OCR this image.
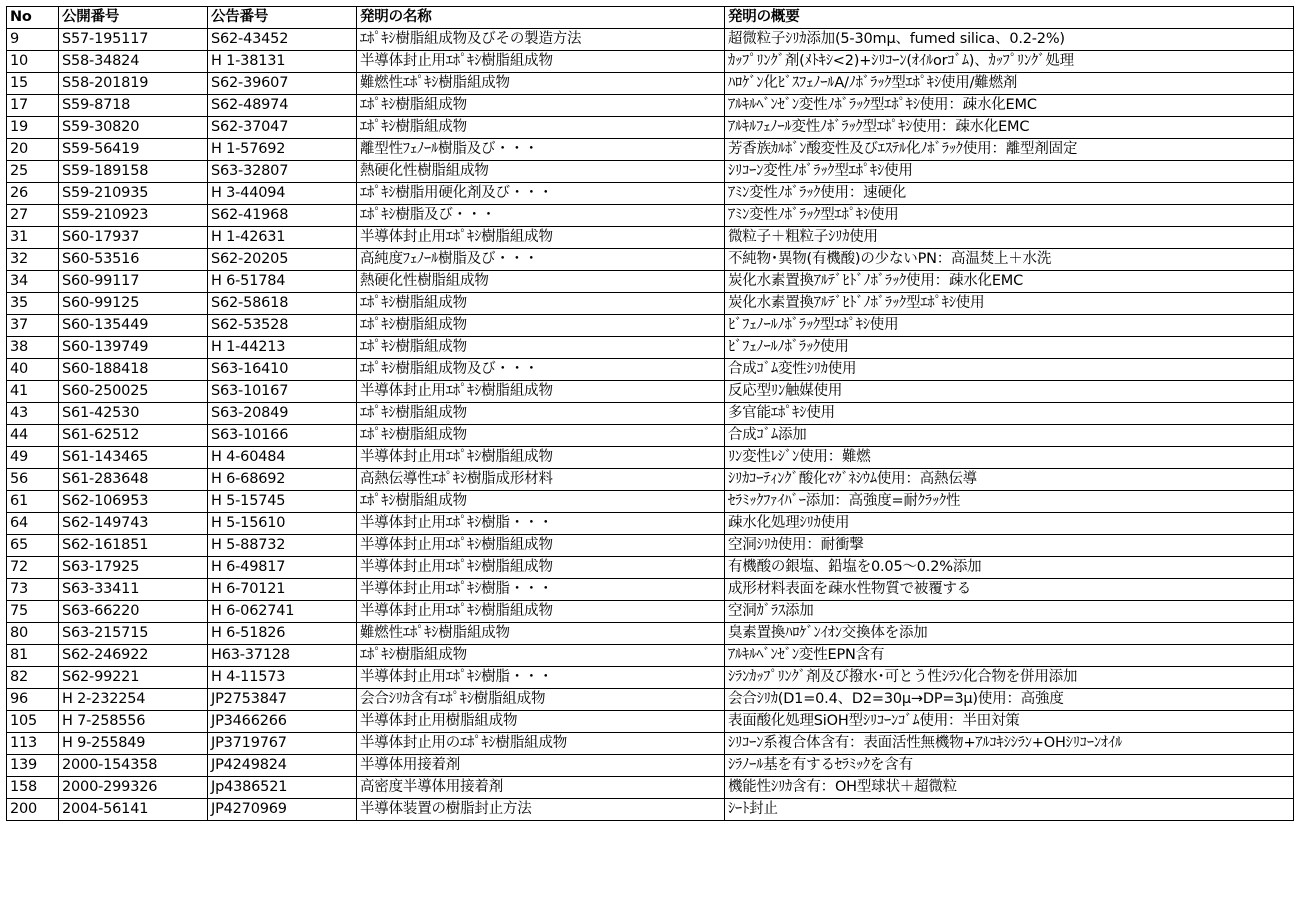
No	公開番号	公告番号	発明の名称	発明の概要
9	S57-195117	S62-43452	ｴﾎﾟｷｼ樹脂組成物及びその製造方法	超微粒子ｼﾘｶ添加(5-30mμ、fumed silica、0.2-2%)
10	S58-34824	H 1-38131	半導体封止用ｴﾎﾟｷｼ樹脂組成物	ｶｯﾌﾟﾘﾝｸﾞ剤(ﾒﾄｷｼ<2)+ｼﾘｺｰﾝ(ｵｲﾙorｺﾞﾑ)、ｶｯﾌﾟﾘﾝｸﾞ処理
15	S58-201819	S62-39607	難燃性ｴﾎﾟｷｼ樹脂組成物	ﾊﾛｹﾞﾝ化ﾋﾞｽﾌｪﾉｰﾙA/ﾉﾎﾞﾗｯｸ型ｴﾎﾟｷｼ使用/難燃剤
17	S59-8718	S62-48974	ｴﾎﾟｷｼ樹脂組成物	ｱﾙｷﾙﾍﾞﾝｾﾞﾝ変性ﾉﾎﾞﾗｯｸ型ｴﾎﾟｷｼ使用：疎水化EMC
19	S59-30820	S62-37047	ｴﾎﾟｷｼ樹脂組成物	ｱﾙｷﾙﾌｪﾉｰﾙ変性ﾉﾎﾞﾗｯｸ型ｴﾎﾟｷｼ使用：疎水化EMC
20	S59-56419	H 1-57692	離型性ﾌｪﾉｰﾙ樹脂及び・・・	芳香族ｶﾙﾎﾞﾝ酸変性及びｴｽﾃﾙ化ﾉﾎﾞﾗｯｸ使用：離型剤固定
25	S59-189158	S63-32807	熱硬化性樹脂組成物	ｼﾘｺｰﾝ変性ﾉﾎﾞﾗｯｸ型ｴﾎﾟｷｼ使用
26	S59-210935	H 3-44094	ｴﾎﾟｷｼ樹脂用硬化剤及び・・・	ｱﾐﾝ変性ﾉﾎﾞﾗｯｸ使用：速硬化
27	S59-210923	S62-41968	ｴﾎﾟｷｼ樹脂及び・・・	ｱﾐﾝ変性ﾉﾎﾞﾗｯｸ型ｴﾎﾟｷｼ使用
31	S60-17937	H 1-42631	半導体封止用ｴﾎﾟｷｼ樹脂組成物	微粒子＋粗粒子ｼﾘｶ使用
32	S60-53516	S62-20205	高純度ﾌｪﾉｰﾙ樹脂及び・・・	不純物･異物(有機酸)の少ないPN：高温焚上＋水洗
34	S60-99117	H 6-51784	熱硬化性樹脂組成物	炭化水素置換ｱﾙﾃﾞﾋﾄﾞﾉﾎﾞﾗｯｸ使用：疎水化EMC
35	S60-99125	S62-58618	ｴﾎﾟｷｼ樹脂組成物	炭化水素置換ｱﾙﾃﾞﾋﾄﾞﾉﾎﾞﾗｯｸ型ｴﾎﾟｷｼ使用
37	S60-135449	S62-53528	ｴﾎﾟｷｼ樹脂組成物	ﾋﾞﾌｪﾉｰﾙﾉﾎﾞﾗｯｸ型ｴﾎﾟｷｼ使用
38	S60-139749	H 1-44213	ｴﾎﾟｷｼ樹脂組成物	ﾋﾞﾌｪﾉｰﾙﾉﾎﾞﾗｯｸ使用
40	S60-188418	S63-16410	ｴﾎﾟｷｼ樹脂組成物及び・・・	合成ｺﾞﾑ変性ｼﾘｶ使用
41	S60-250025	S63-10167	半導体封止用ｴﾎﾟｷｼ樹脂組成物	反応型ﾘﾝ触媒使用
43	S61-42530	S63-20849	ｴﾎﾟｷｼ樹脂組成物	多官能ｴﾎﾟｷｼ使用
44	S61-62512	S63-10166	ｴﾎﾟｷｼ樹脂組成物	合成ｺﾞﾑ添加
49	S61-143465	H 4-60484	半導体封止用ｴﾎﾟｷｼ樹脂組成物	ﾘﾝ変性ﾚｼﾞﾝ使用：難燃
56	S61-283648	H 6-68692	高熱伝導性ｴﾎﾟｷｼ樹脂成形材料	ｼﾘｶｺｰﾃｨﾝｸﾞ酸化ﾏｸﾞﾈｼｳﾑ使用：高熱伝導
61	S62-106953	H 5-15745	ｴﾎﾟｷｼ樹脂組成物	ｾﾗﾐｯｸﾌｧｲﾊﾞｰ添加：高強度=耐ｸﾗｯｸ性
64	S62-149743	H 5-15610	半導体封止用ｴﾎﾟｷｼ樹脂・・・	疎水化処理ｼﾘｶ使用
65	S62-161851	H 5-88732	半導体封止用ｴﾎﾟｷｼ樹脂組成物	空洞ｼﾘｶ使用：耐衝撃
72	S63-17925	H 6-49817	半導体封止用ｴﾎﾟｷｼ樹脂組成物	有機酸の銀塩、鉛塩を0.05～0.2%添加
73	S63-33411	H 6-70121	半導体封止用ｴﾎﾟｷｼ樹脂・・・	成形材料表面を疎水性物質で被覆する
75	S63-66220	H 6-062741	半導体封止用ｴﾎﾟｷｼ樹脂組成物	空洞ｶﾞﾗｽ添加
80	S63-215715	H 6-51826	難燃性ｴﾎﾟｷｼ樹脂組成物	臭素置換ﾊﾛｹﾞﾝｲｵﾝ交換体を添加
81	S62-246922	H63-37128	ｴﾎﾟｷｼ樹脂組成物	ｱﾙｷﾙﾍﾞﾝｾﾞﾝ変性EPN含有
82	S62-99221	H 4-11573	半導体封止用ｴﾎﾟｷｼ樹脂・・・	ｼﾗﾝｶｯﾌﾟﾘﾝｸﾞ剤及び撥水･可とう性ｼﾗﾝ化合物を併用添加
96	H 2-232254	JP2753847	会合ｼﾘｶ含有ｴﾎﾟｷｼ樹脂組成物	会合ｼﾘｶ(D1=0.4、D2=30μ→DP=3μ)使用：高強度
105	H 7-258556	JP3466266	半導体封止用樹脂組成物	表面酸化処理SiOH型ｼﾘｺｰﾝｺﾞﾑ使用：半田対策
113	H 9-255849	JP3719767	半導体封止用のｴﾎﾟｷｼ樹脂組成物	ｼﾘｺｰﾝ系複合体含有：表面活性無機物+ｱﾙｺｷｼｼﾗﾝ+OHｼﾘｺｰﾝｵｲﾙ
139	2000-154358	JP4249824	半導体用接着剤	ｼﾗﾉｰﾙ基を有するｾﾗﾐｯｸを含有
158	2000-299326	Jp4386521	高密度半導体用接着剤	機能性ｼﾘｶ含有：OH型球状＋超微粒
200	2004-56141	JP4270969	半導体装置の樹脂封止方法	ｼｰﾄ封止
